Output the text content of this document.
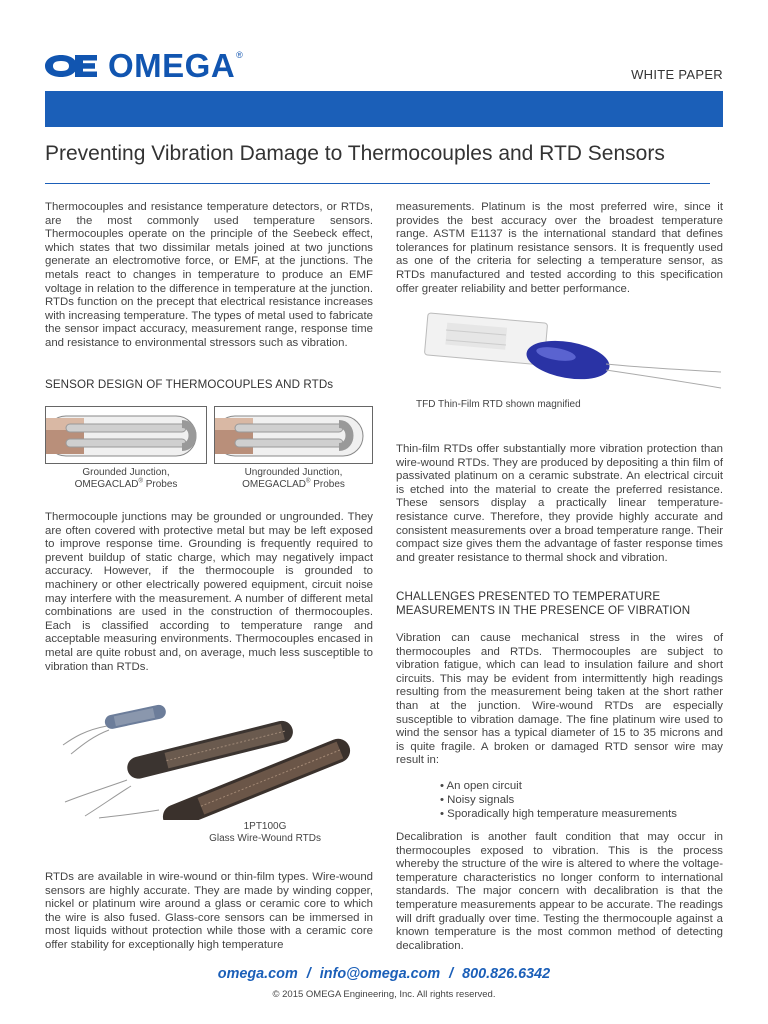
OMEGA ®
WHITE PAPER
Preventing Vibration Damage to Thermocouples and RTD Sensors

Thermocouples and resistance temperature detectors, or RTDs, are the most commonly used temperature sensors. Thermocouples operate on the principle of the Seebeck effect, which states that two dissimilar metals joined at two junctions generate an electromotive force, or EMF, at the junctions. The metals react to changes in temperature to produce an EMF voltage in relation to the difference in temperature at the junction. RTDs function on the precept that electrical resistance increases with increasing temperature. The types of metal used to fabricate the sensor impact accuracy, measurement range, response time and resistance to environmental stressors such as vibration.

SENSOR DESIGN OF THERMOCOUPLES AND RTDs
Grounded Junction,
OMEGACLAD® Probes
Ungrounded Junction,
OMEGACLAD® Probes

Thermocouple junctions may be grounded or ungrounded. They are often covered with protective metal but may be left exposed to improve response time. Grounding is frequently required to prevent buildup of static charge, which may negatively impact accuracy. However, if the thermocouple is grounded to machinery or other electrically powered equipment, circuit noise may interfere with the measurement. A number of different metal combinations are used in the construction of thermocouples. Each is classified according to temperature range and acceptable measuring environments. Thermocouples encased in metal are quite robust and, on average, much less susceptible to vibration than RTDs.

1PT100G
Glass Wire-Wound RTDs

RTDs are available in wire-wound or thin-film types. Wire-wound sensors are highly accurate. They are made by winding copper, nickel or platinum wire around a glass or ceramic core to which the wire is also fused. Glass-core sensors can be immersed in most liquids without protection while those with a ceramic core offer stability for exceptionally high temperature

measurements. Platinum is the most preferred wire, since it provides the best accuracy over the broadest temperature range. ASTM E1137 is the international standard that defines tolerances for platinum resistance sensors. It is frequently used as one of the criteria for selecting a temperature sensor, as RTDs manufactured and tested according to this specification offer greater reliability and better performance.

TFD Thin-Film RTD shown magnified

Thin-film RTDs offer substantially more vibration protection than wire-wound RTDs. They are produced by depositing a thin film of passivated platinum on a ceramic substrate. An electrical circuit is etched into the material to create the preferred resistance. These sensors display a practically linear temperature-resistance curve. Therefore, they provide highly accurate and consistent measurements over a broad temperature range. Their compact size gives them the advantage of faster response times and greater resistance to thermal shock and vibration.

CHALLENGES PRESENTED TO TEMPERATURE
MEASUREMENTS IN THE PRESENCE OF VIBRATION

Vibration can cause mechanical stress in the wires of thermocouples and RTDs. Thermocouples are subject to vibration fatigue, which can lead to insulation failure and short circuits. This may be evident from intermittently high readings resulting from the measurement being taken at the short rather than at the junction. Wire-wound RTDs are especially susceptible to vibration damage. The fine platinum wire used to wind the sensor has a typical diameter of 15 to 35 microns and is quite fragile. A broken or damaged RTD sensor wire may result in:

• An open circuit
• Noisy signals
• Sporadically high temperature measurements

Decalibration is another fault condition that may occur in thermocouples exposed to vibration. This is the process whereby the structure of the wire is altered to where the voltage-temperature characteristics no longer conform to international standards. The major concern with decalibration is that the temperature measurements appear to be accurate. The readings will drift gradually over time. Testing the thermocouple against a known temperature is the most common method of detecting decalibration.

omega.com / info@omega.com / 800.826.6342
© 2015 OMEGA Engineering, Inc. All rights reserved.
